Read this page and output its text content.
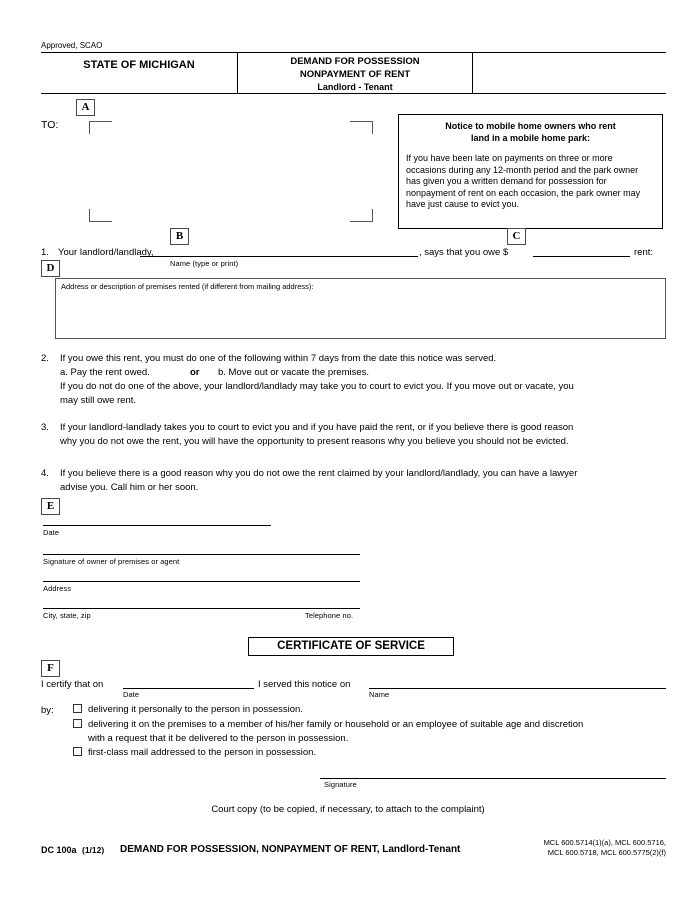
Approved, SCAO
STATE OF MICHIGAN	DEMAND FOR POSSESSION
NONPAYMENT OF RENT
Landlord - Tenant
A
TO:	Notice to mobile home owners who rent
land in a mobile home park:
If you have been late on payments on three or more occasions during any 12-month period and the park owner has given you a written demand for possession for nonpayment of rent on each occasion, the park owner may have just cause to evict you.
B	C
1. Your landlord/landlady,
Name (type or print)
, says that you owe $	rent:
D
Address or description of premises rented (if different from mailing address):
2. If you owe this rent, you must do one of the following within 7 days from the date this notice was served.
a. Pay the rent owed.	or b. Move out or vacate the premises.
If you do not do one of the above, your landlord/landlady may take you to court to evict you. If you move out or vacate, you
may still owe rent.
3. If your landlord-landlady takes you to court to evict you and if you have paid the rent, or if you believe there is good reason
why you do not owe the rent, you will have the opportunity to present reasons why you believe you should not be evicted.
4. If you believe there is a good reason why you do not owe the rent claimed by your landlord/landlady, you can have a lawyer
advise you. Call him or her soon.
E
Date
Signature of owner of premises or agent
Address
City, state, zip	Telephone no.
CERTIFICATE OF SERVICE
F
I certify that on
Date
I served this notice on
Name
by:	delivering it personally to the person in possession.
delivering it on the premises to a member of his/her family or household or an employee of suitable age and discretion
with a request that it be delivered to the person in possession.
first-class mail addressed to the person in possession.
Signature
Court copy (to be copied, if necessary, to attach to the complaint)
DC 100a (1/12) DEMAND FOR POSSESSION, NONPAYMENT OF RENT, Landlord-Tenant
MCL 600.5714(1)(a), MCL 600.5716,
MCL 600.5718, MCL 600.5775(2)(f)
